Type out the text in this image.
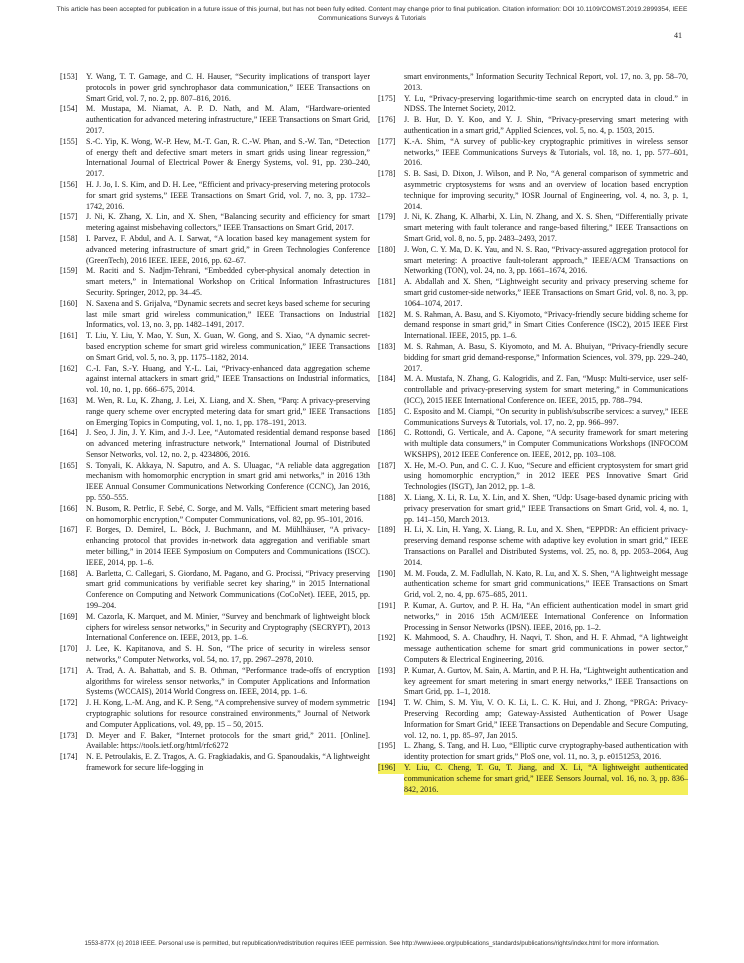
This article has been accepted for publication in a future issue of this journal, but has not been fully edited. Content may change prior to final publication. Citation information: DOI 10.1109/COMST.2019.2899354, IEEE
Communications Surveys & Tutorials
41
[153]	Y. Wang, T. T. Gamage, and C. H. Hauser, “Security implications of transport layer protocols in power grid synchrophasor data communication,” IEEE Transactions on Smart Grid, vol. 7, no. 2, pp. 807–816, 2016.
[154]	M. Mustapa, M. Niamat, A. P. D. Nath, and M. Alam, “Hardware-oriented authentication for advanced metering infrastructure,” IEEE Transactions on Smart Grid, 2017.
[155]	S.-C. Yip, K. Wong, W.-P. Hew, M.-T. Gan, R. C.-W. Phan, and S.-W. Tan, “Detection of energy theft and defective smart meters in smart grids using linear regression,” International Journal of Electrical Power & Energy Systems, vol. 91, pp. 230–240, 2017.
[156]	H. J. Jo, I. S. Kim, and D. H. Lee, “Efficient and privacy-preserving metering protocols for smart grid systems,” IEEE Transactions on Smart Grid, vol. 7, no. 3, pp. 1732–1742, 2016.
[157]	J. Ni, K. Zhang, X. Lin, and X. Shen, “Balancing security and efficiency for smart metering against misbehaving collectors,” IEEE Transactions on Smart Grid, 2017.
[158]	I. Parvez, F. Abdul, and A. I. Sarwat, “A location based key management system for advanced metering infrastructure of smart grid,” in Green Technologies Conference (GreenTech), 2016 IEEE. IEEE, 2016, pp. 62–67.
[159]	M. Raciti and S. Nadjm-Tehrani, “Embedded cyber-physical anomaly detection in smart meters,” in International Workshop on Critical Information Infrastructures Security. Springer, 2012, pp. 34–45.
[160]	N. Saxena and S. Grijalva, “Dynamic secrets and secret keys based scheme for securing last mile smart grid wireless communication,” IEEE Transactions on Industrial Informatics, vol. 13, no. 3, pp. 1482–1491, 2017.
[161]	T. Liu, Y. Liu, Y. Mao, Y. Sun, X. Guan, W. Gong, and S. Xiao, “A dynamic secret-based encryption scheme for smart grid wireless communication,” IEEE Transactions on Smart Grid, vol. 5, no. 3, pp. 1175–1182, 2014.
[162]	C.-I. Fan, S.-Y. Huang, and Y.-L. Lai, “Privacy-enhanced data aggregation scheme against internal attackers in smart grid,” IEEE Transactions on Industrial informatics, vol. 10, no. 1, pp. 666–675, 2014.
[163]	M. Wen, R. Lu, K. Zhang, J. Lei, X. Liang, and X. Shen, “Parq: A privacy-preserving range query scheme over encrypted metering data for smart grid,” IEEE Transactions on Emerging Topics in Computing, vol. 1, no. 1, pp. 178–191, 2013.
[164]	J. Seo, J. Jin, J. Y. Kim, and J.-J. Lee, “Automated residential demand response based on advanced metering infrastructure network,” International Journal of Distributed Sensor Networks, vol. 12, no. 2, p. 4234806, 2016.
[165]	S. Tonyali, K. Akkaya, N. Saputro, and A. S. Uluagac, “A reliable data aggregation mechanism with homomorphic encryption in smart grid ami networks,” in 2016 13th IEEE Annual Consumer Communications Networking Conference (CCNC), Jan 2016, pp. 550–555.
[166]	N. Busom, R. Petrlic, F. Sebé, C. Sorge, and M. Valls, “Efficient smart metering based on homomorphic encryption,” Computer Communications, vol. 82, pp. 95–101, 2016.
[167]	F. Borges, D. Demirel, L. Böck, J. Buchmann, and M. Mühlhäuser, “A privacy-enhancing protocol that provides in-network data aggregation and verifiable smart meter billing,” in 2014 IEEE Symposium on Computers and Communications (ISCC). IEEE, 2014, pp. 1–6.
[168]	A. Barletta, C. Callegari, S. Giordano, M. Pagano, and G. Procissi, “Privacy preserving smart grid communications by verifiable secret key sharing,” in 2015 International Conference on Computing and Network Communications (CoCoNet). IEEE, 2015, pp. 199–204.
[169]	M. Cazorla, K. Marquet, and M. Minier, “Survey and benchmark of lightweight block ciphers for wireless sensor networks,” in Security and Cryptography (SECRYPT), 2013 International Conference on. IEEE, 2013, pp. 1–6.
[170]	J. Lee, K. Kapitanova, and S. H. Son, “The price of security in wireless sensor networks,” Computer Networks, vol. 54, no. 17, pp. 2967–2978, 2010.
[171]	A. Trad, A. A. Bahattab, and S. B. Othman, “Performance trade-offs of encryption algorithms for wireless sensor networks,” in Computer Applications and Information Systems (WCCAIS), 2014 World Congress on. IEEE, 2014, pp. 1–6.
[172]	J. H. Kong, L.-M. Ang, and K. P. Seng, “A comprehensive survey of modern symmetric cryptographic solutions for resource constrained environments,” Journal of Network and Computer Applications, vol. 49, pp. 15 – 50, 2015.
[173]	D. Meyer and F. Baker, “Internet protocols for the smart grid,” 2011. [Online]. Available: https://tools.ietf.org/html/rfc6272
[174]	N. E. Petroulakis, E. Z. Tragos, A. G. Fragkiadakis, and G. Spanoudakis, “A lightweight framework for secure life-logging in
smart environments,” Information Security Technical Report, vol. 17, no. 3, pp. 58–70, 2013.
[175]	Y. Lu, “Privacy-preserving logarithmic-time search on encrypted data in cloud.” in NDSS. The Internet Society, 2012.
[176]	J. B. Hur, D. Y. Koo, and Y. J. Shin, “Privacy-preserving smart metering with authentication in a smart grid,” Applied Sciences, vol. 5, no. 4, p. 1503, 2015.
[177]	K.-A. Shim, “A survey of public-key cryptographic primitives in wireless sensor networks,” IEEE Communications Surveys & Tutorials, vol. 18, no. 1, pp. 577–601, 2016.
[178]	S. B. Sasi, D. Dixon, J. Wilson, and P. No, “A general comparison of symmetric and asymmetric cryptosystems for wsns and an overview of location based encryption technique for improving security,” IOSR Journal of Engineering, vol. 4, no. 3, p. 1, 2014.
[179]	J. Ni, K. Zhang, K. Alharbi, X. Lin, N. Zhang, and X. S. Shen, “Differentially private smart metering with fault tolerance and range-based filtering,” IEEE Transactions on Smart Grid, vol. 8, no. 5, pp. 2483–2493, 2017.
[180]	J. Won, C. Y. Ma, D. K. Yau, and N. S. Rao, “Privacy-assured aggregation protocol for smart metering: A proactive fault-tolerant approach,” IEEE/ACM Transactions on Networking (TON), vol. 24, no. 3, pp. 1661–1674, 2016.
[181]	A. Abdallah and X. Shen, “Lightweight security and privacy preserving scheme for smart grid customer-side networks,” IEEE Transactions on Smart Grid, vol. 8, no. 3, pp. 1064–1074, 2017.
[182]	M. S. Rahman, A. Basu, and S. Kiyomoto, “Privacy-friendly secure bidding scheme for demand response in smart grid,” in Smart Cities Conference (ISC2), 2015 IEEE First International. IEEE, 2015, pp. 1–6.
[183]	M. S. Rahman, A. Basu, S. Kiyomoto, and M. A. Bhuiyan, “Privacy-friendly secure bidding for smart grid demand-response,” Information Sciences, vol. 379, pp. 229–240, 2017.
[184]	M. A. Mustafa, N. Zhang, G. Kalogridis, and Z. Fan, “Musp: Multi-service, user self-controllable and privacy-preserving system for smart metering,” in Communications (ICC), 2015 IEEE International Conference on. IEEE, 2015, pp. 788–794.
[185]	C. Esposito and M. Ciampi, “On security in publish/subscribe services: a survey,” IEEE Communications Surveys & Tutorials, vol. 17, no. 2, pp. 966–997.
[186]	C. Rottondi, G. Verticale, and A. Capone, “A security framework for smart metering with multiple data consumers,” in Computer Communications Workshops (INFOCOM WKSHPS), 2012 IEEE Conference on. IEEE, 2012, pp. 103–108.
[187]	X. He, M.-O. Pun, and C. C. J. Kuo, “Secure and efficient cryptosystem for smart grid using homomorphic encryption,” in 2012 IEEE PES Innovative Smart Grid Technologies (ISGT), Jan 2012, pp. 1–8.
[188]	X. Liang, X. Li, R. Lu, X. Lin, and X. Shen, “Udp: Usage-based dynamic pricing with privacy preservation for smart grid,” IEEE Transactions on Smart Grid, vol. 4, no. 1, pp. 141–150, March 2013.
[189]	H. Li, X. Lin, H. Yang, X. Liang, R. Lu, and X. Shen, “EPPDR: An efficient privacy-preserving demand response scheme with adaptive key evolution in smart grid,” IEEE Transactions on Parallel and Distributed Systems, vol. 25, no. 8, pp. 2053–2064, Aug 2014.
[190]	M. M. Fouda, Z. M. Fadlullah, N. Kato, R. Lu, and X. S. Shen, “A lightweight message authentication scheme for smart grid communications,” IEEE Transactions on Smart Grid, vol. 2, no. 4, pp. 675–685, 2011.
[191]	P. Kumar, A. Gurtov, and P. H. Ha, “An efficient authentication model in smart grid networks,” in 2016 15th ACM/IEEE International Conference on Information Processing in Sensor Networks (IPSN). IEEE, 2016, pp. 1–2.
[192]	K. Mahmood, S. A. Chaudhry, H. Naqvi, T. Shon, and H. F. Ahmad, “A lightweight message authentication scheme for smart grid communications in power sector,” Computers & Electrical Engineering, 2016.
[193]	P. Kumar, A. Gurtov, M. Sain, A. Martin, and P. H. Ha, “Lightweight authentication and key agreement for smart metering in smart energy networks,” IEEE Transactions on Smart Grid, pp. 1–1, 2018.
[194]	T. W. Chim, S. M. Yiu, V. O. K. Li, L. C. K. Hui, and J. Zhong, “PRGA: Privacy-Preserving Recording amp; Gateway-Assisted Authentication of Power Usage Information for Smart Grid,” IEEE Transactions on Dependable and Secure Computing, vol. 12, no. 1, pp. 85–97, Jan 2015.
[195]	L. Zhang, S. Tang, and H. Luo, “Elliptic curve cryptography-based authentication with identity protection for smart grids,” PloS one, vol. 11, no. 3, p. e0151253, 2016.
[196]	Y. Liu, C. Cheng, T. Gu, T. Jiang, and X. Li, “A lightweight authenticated communication scheme for smart grid,” IEEE Sensors Journal, vol. 16, no. 3, pp. 836–842, 2016.
1553-877X (c) 2018 IEEE. Personal use is permitted, but republication/redistribution requires IEEE permission. See http://www.ieee.org/publications_standards/publications/rights/index.html for more information.
